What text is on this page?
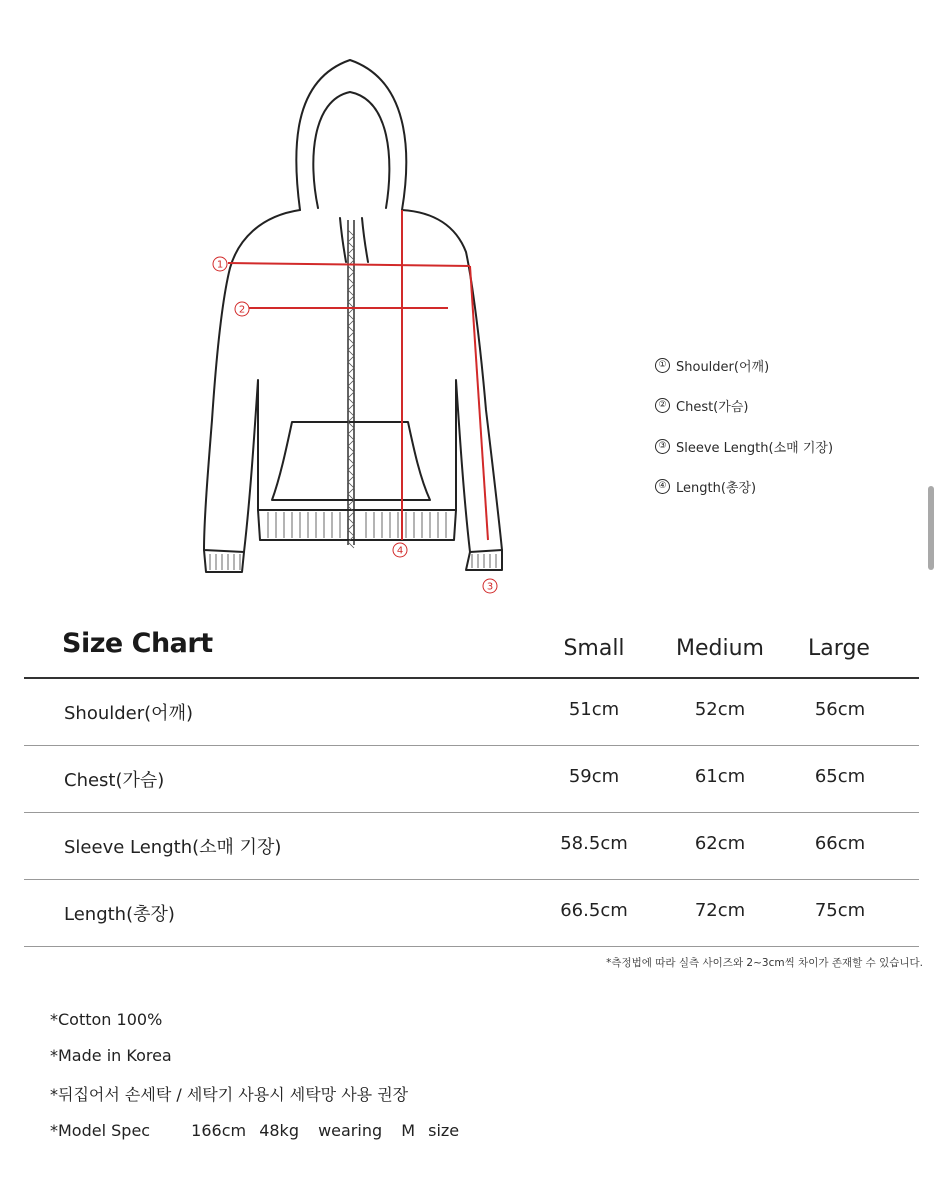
1
2
3
4
① Shoulder(어깨)
② Chest(가슴)
③ Sleeve Length(소매 기장)
④ Length(총장)
Size Chart	Small	Medium	Large
Shoulder(어깨)	51cm	52cm	56cm
Chest(가슴)	59cm	61cm	65cm
Sleeve Length(소매 기장)	58.5cm	62cm	66cm
Length(총장)	66.5cm	72cm	75cm
*측정법에 따라 실측 사이즈와 2~3cm씩 차이가 존재할 수 있습니다.
*Cotton 100%
*Made in Korea
*뒤집어서 손세탁 / 세탁기 사용시 세탁망 사용 권장
*Model Spec	166cm 48kg wearing M size
